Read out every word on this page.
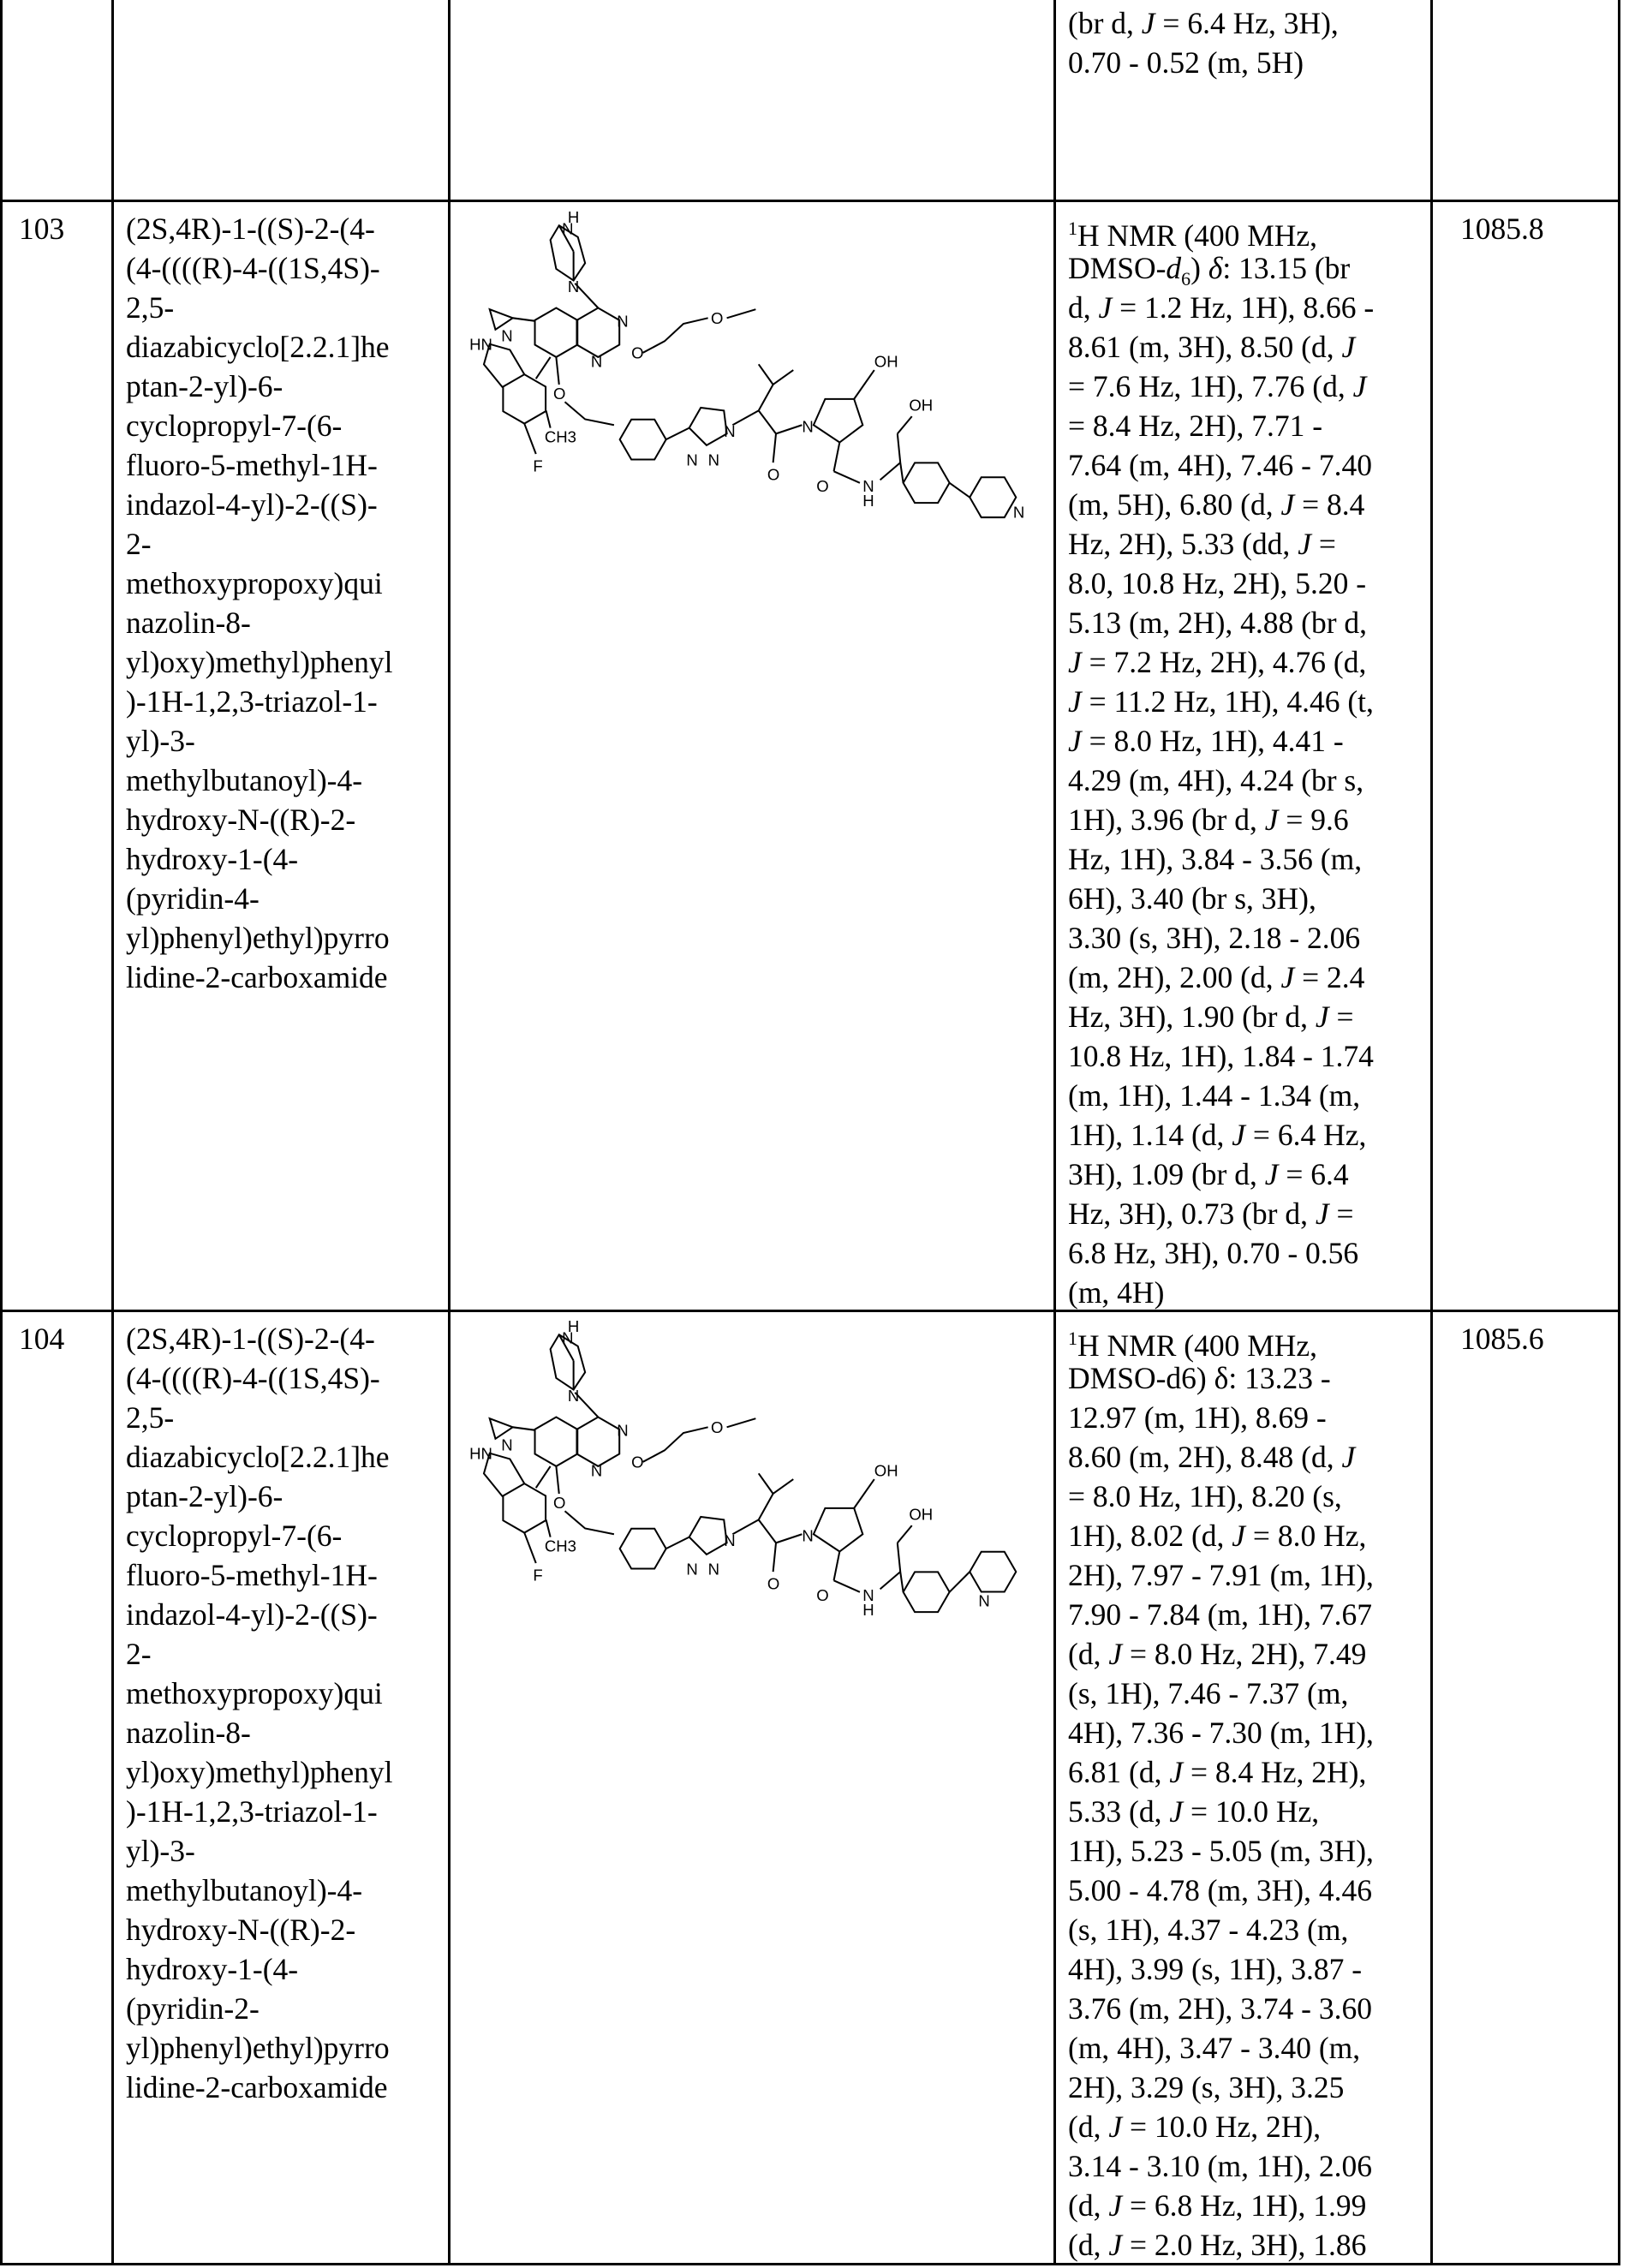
(br d, J = 6.4 Hz, 3H),
0.70 - 0.52 (m, 5H)
103 (2S,4R)-1-((S)-2-(4-
(4-((((R)-4-((1S,4S)-
2,5-
diazabicyclo[2.2.1]he
ptan-2-yl)-6-
cyclopropyl-7-(6-
fluoro-5-methyl-1H-
indazol-4-yl)-2-((S)-
2-
methoxypropoxy)qui
nazolin-8-
yl)oxy)methyl)phenyl
)-1H-1,2,3-triazol-1-
yl)-3-
methylbutanoyl)-4-
hydroxy-N-((R)-2-
hydroxy-1-(4-
(pyridin-4-
yl)phenyl)ethyl)pyrro
lidine-2-carboxamide
1H NMR (400 MHz,
DMSO-d6) δ: 13.15 (br
d, J = 1.2 Hz, 1H), 8.66 -
8.61 (m, 3H), 8.50 (d, J
= 7.6 Hz, 1H), 7.76 (d, J
= 8.4 Hz, 2H), 7.71 -
7.64 (m, 4H), 7.46 - 7.40
(m, 5H), 6.80 (d, J = 8.4
Hz, 2H), 5.33 (dd, J =
8.0, 10.8 Hz, 2H), 5.20 -
5.13 (m, 2H), 4.88 (br d,
J = 7.2 Hz, 2H), 4.76 (d,
J = 11.2 Hz, 1H), 4.46 (t,
J = 8.0 Hz, 1H), 4.41 -
4.29 (m, 4H), 4.24 (br s,
1H), 3.96 (br d, J = 9.6
Hz, 1H), 3.84 - 3.56 (m,
6H), 3.40 (br s, 3H),
3.30 (s, 3H), 2.18 - 2.06
(m, 2H), 2.00 (d, J = 2.4
Hz, 3H), 1.90 (br d, J =
10.8 Hz, 1H), 1.84 - 1.74
(m, 1H), 1.44 - 1.34 (m,
1H), 1.14 (d, J = 6.4 Hz,
3H), 1.09 (br d, J = 6.4
Hz, 3H), 0.73 (br d, J =
6.8 Hz, 3H), 0.70 - 0.56
(m, 4H)
1085.8
H
N
N
N
N	O
O
HN N
F
CH3
O
N N
N
O
N
OH
O	N
H
OH
N
104 (2S,4R)-1-((S)-2-(4-
(4-((((R)-4-((1S,4S)-
2,5-
diazabicyclo[2.2.1]he
ptan-2-yl)-6-
cyclopropyl-7-(6-
fluoro-5-methyl-1H-
indazol-4-yl)-2-((S)-
2-
methoxypropoxy)qui
nazolin-8-
yl)oxy)methyl)phenyl
)-1H-1,2,3-triazol-1-
yl)-3-
methylbutanoyl)-4-
hydroxy-N-((R)-2-
hydroxy-1-(4-
(pyridin-2-
yl)phenyl)ethyl)pyrro
lidine-2-carboxamide
1H NMR (400 MHz,
DMSO-d6) δ: 13.23 -
12.97 (m, 1H), 8.69 -
8.60 (m, 2H), 8.48 (d, J
= 8.0 Hz, 1H), 8.20 (s,
1H), 8.02 (d, J = 8.0 Hz,
2H), 7.97 - 7.91 (m, 1H),
7.90 - 7.84 (m, 1H), 7.67
(d, J = 8.0 Hz, 2H), 7.49
(s, 1H), 7.46 - 7.37 (m,
4H), 7.36 - 7.30 (m, 1H),
6.81 (d, J = 8.4 Hz, 2H),
5.33 (d, J = 10.0 Hz,
1H), 5.23 - 5.05 (m, 3H),
5.00 - 4.78 (m, 3H), 4.46
(s, 1H), 4.37 - 4.23 (m,
4H), 3.99 (s, 1H), 3.87 -
3.76 (m, 2H), 3.74 - 3.60
(m, 4H), 3.47 - 3.40 (m,
2H), 3.29 (s, 3H), 3.25
(d, J = 10.0 Hz, 2H),
3.14 - 3.10 (m, 1H), 2.06
(d, J = 6.8 Hz, 1H), 1.99
(d, J = 2.0 Hz, 3H), 1.86
1085.6
H
N
N
N
N	O
O
HN N
F
CH3
O
N N
N
O
N
OH
O	N
H
OH
N
